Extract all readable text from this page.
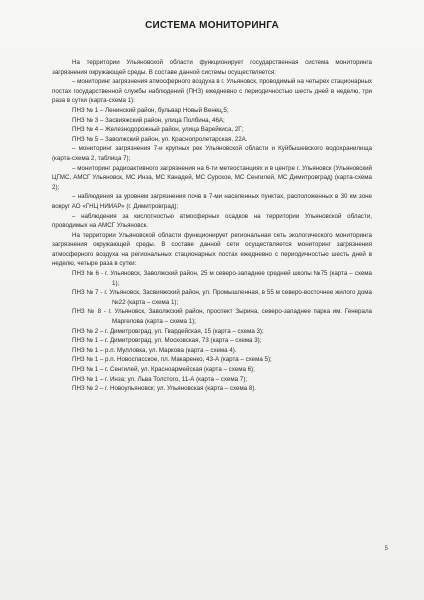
СИСТЕМА МОНИТОРИНГА

На территории Ульяновской области функционирует государственная система мониторинга загрязнения окружающей среды. В составе данной системы осуществляется:

– мониторинг загрязнения атмосферного воздуха в г. Ульяновск, проводимый на четырех стационарных постах государственной службы наблюдений (ПНЗ) ежедневно с периодичностью шесть дней в неделю, три раза в сутки (карта-схема 1):

ПНЗ № 1 – Ленинский район, бульвар Новый Венец,5;

ПНЗ № 3 – Засвияжский район, улица Полбина, 46А;

ПНЗ № 4 – Железнодорожный район, улица Варейкиса, 2Г;

ПНЗ № 5 – Заволжский район, ул. Краснопролетарская, 22А.

– мониторинг загрязнения 7-и крупных рек Ульяновской области и Куйбышевского водохранилища (карта-схема 2, таблица 7);

– мониторинг радиоактивного загрязнения на 6-ти метеостанциях и в центре г. Ульяновск (Ульяновский ЦГМС, АМСГ Ульяновск, МС Инза, МС Канадей, МС Сурское, МС Сенгилей, МС Димитровград) (карта-схема 2);

– наблюдения за уровнем загрязнения почв в 7-ми населенных пунктах, расположенных в 30 км зоне вокруг АО «ГНЦ НИИАР» (г. Димитровград);

– наблюдения за кислотностью атмосферных осадков на территории Ульяновской области, проводимых на АМСГ Ульяновск.

На территории Ульяновской области функционирует региональная сеть экологического мониторинга загрязнения окружающей среды. В составе данной сети осуществляется мониторинг загрязнения атмосферного воздуха на региональных стационарных постах ежедневно с периодичностью шесть дней в неделю, четыре раза в сутки:

ПНЗ № 6 - г. Ульяновск, Заволжский район, 25 м северо-западнее средней школы №75 (карта – схема 1);

ПНЗ № 7 - г. Ульяновск, Засвияжский район, ул. Промышленная, в 55 м северо-восточнее жилого дома №22 (карта – схема 1);

ПНЗ № 8 - г. Ульяновск, Заволжский район, проспект Зырина, северо-западнее парка им. Генерала Маргелова (карта – схема 1);

ПНЗ № 2 – г. Димитровград, ул. Гвардейская, 15 (карта – схема 3);

ПНЗ № 1 – г. Димитровград, ул. Московская, 73 (карта – схема 3);

ПНЗ № 1 – р.п. Мулловка, ул. Маркова (карта – схема 4).

ПНЗ № 1 – р.п. Новоспасское, пл. Макаренко, 43-А (карта – схема 5);

ПНЗ № 1 – г. Сенгилей, ул. Красноармейская (карта – схема 6);

ПНЗ № 1 – г. Инза; ул. Льва Толстого, 11-А (карта – схема 7);

ПНЗ № 2 – г. Новоульяновск; ул. Ульяновская (карта – схема 8).

5
